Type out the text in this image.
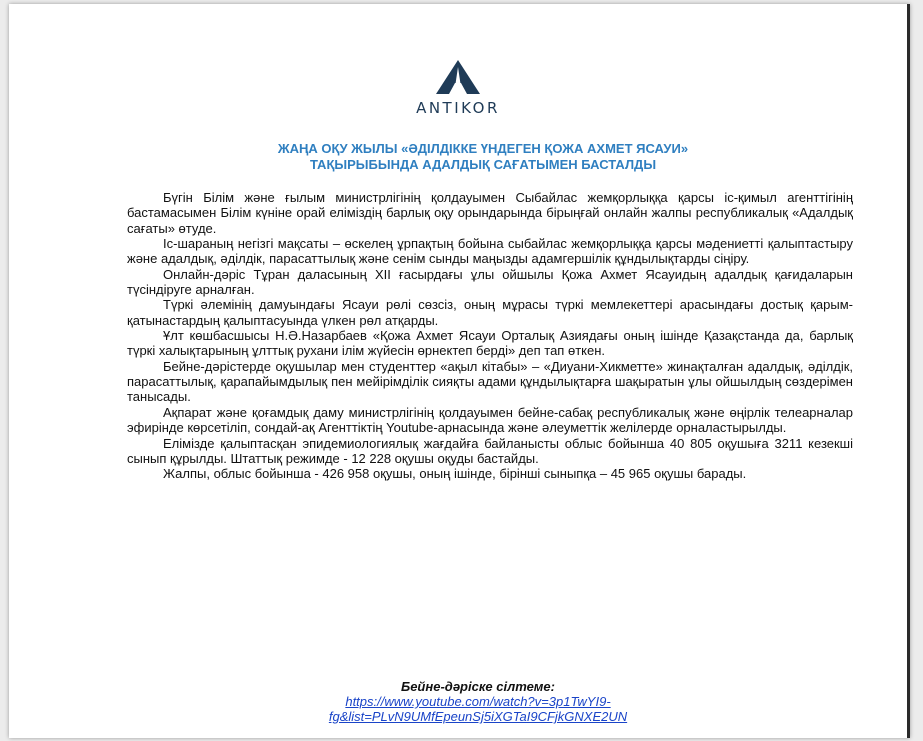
ANTIKOR
ЖАҢА ОҚУ ЖЫЛЫ «ӘДІЛДІККЕ ҮНДЕГЕН ҚОЖА АХМЕТ ЯСАУИ»
ТАҚЫРЫБЫНДА АДАЛДЫҚ САҒАТЫМЕН БАСТАЛДЫ

Бүгін Білім және ғылым министрлігінің қолдауымен Сыбайлас жемқорлыққа қарсы іс-қимыл агенттігінің бастамасымен Білім күніне орай еліміздің барлық оқу орындарында бірыңғай онлайн жалпы республикалық «Адалдық сағаты» өтуде.

Іс-шараның негізгі мақсаты – өскелең ұрпақтың бойына сыбайлас жемқорлыққа қарсы мәдениетті қалыптастыру және адалдық, әділдік, парасаттылық және сенім сынды маңызды адамгершілік құндылықтарды сіңіру.

Онлайн-дәріс Тұран даласының XII ғасырдағы ұлы ойшылы Қожа Ахмет Ясауидың адалдық қағидаларын түсіндіруге арналған.

Түркі әлемінің дамуындағы Ясауи рөлі сөзсіз, оның мұрасы түркі мемлекеттері арасындағы достық қарым-қатынастардың қалыптасуында үлкен рөл атқарды.

Ұлт көшбасшысы Н.Ә.Назарбаев «Қожа Ахмет Ясауи Орталық Азиядағы оның ішінде Қазақстанда да, барлық түркі халықтарының ұлттық рухани ілім жүйесін өрнектеп берді» деп тап өткен.

Бейне-дәрістерде оқушылар мен студенттер «ақыл кітабы» – «Диуани-Хикметте» жинақталған адалдық, әділдік, парасаттылық, қарапайымдылық пен мейірімділік сияқты адами құндылықтарға шақыратын ұлы ойшылдың сөздерімен танысады.

Ақпарат және қоғамдық даму министрлігінің қолдауымен бейне-сабақ республикалық және өңірлік телеарналар эфирінде көрсетіліп, сондай-ақ Агенттіктің Youtube-арнасында және әлеуметтік желілерде орналастырылды.

Елімізде қалыптасқан эпидемиологиялық жағдайға байланысты облыс бойынша 40 805 оқушыға 3211 кезекші сынып құрылды. Штаттық режимде - 12 228 оқушы оқуды бастайды.

Жалпы, облыс бойынша - 426 958 оқушы, оның ішінде, бірінші сыныпқа – 45 965 оқушы барады.

Бейне-дәріске сілтеме:
https://www.youtube.com/watch?v=3p1TwYI9-
fg&list=PLvN9UMfEpeunSj5iXGTaI9CFjkGNXE2UN
